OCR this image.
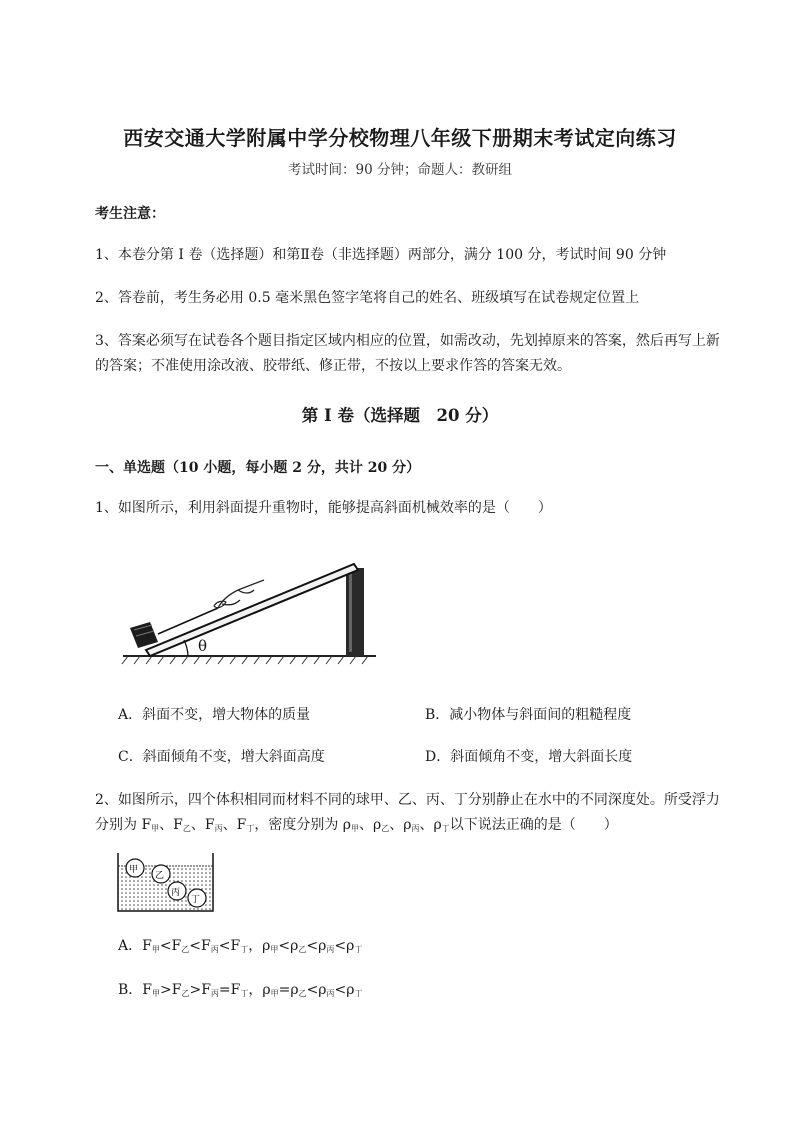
西安交通大学附属中学分校物理八年级下册期末考试定向练习
考试时间：90 分钟；命题人：教研组
考生注意：
1、本卷分第 I 卷（选择题）和第Ⅱ卷（非选择题）两部分，满分 100 分，考试时间 90 分钟
2、答卷前，考生务必用 0.5 毫米黑色签字笔将自己的姓名、班级填写在试卷规定位置上
3、答案必须写在试卷各个题目指定区域内相应的位置，如需改动，先划掉原来的答案，然后再写上新
的答案；不准使用涂改液、胶带纸、修正带，不按以上要求作答的答案无效。
第 I 卷（选择题　20 分）
一、单选题（10 小题，每小题 2 分，共计 20 分）
1、如图所示，利用斜面提升重物时，能够提高斜面机械效率的是（　　）
θ
A．斜面不变，增大物体的质量	B．减小物体与斜面间的粗糙程度
C．斜面倾角不变，增大斜面高度	D．斜面倾角不变，增大斜面长度
2、如图所示，四个体积相同而材料不同的球甲、乙、丙、丁分别静止在水中的不同深度处。所受浮力
分别为 $F_甲$、$F_乙$、$F_丙$、$F_丁$，密度分别为 $\rho_甲$、$\rho_乙$、$\rho_丙$、$\rho_丁$以下说法正确的是（　　）
甲
乙
丙
丁
A．$F_甲<F_乙<F_丙<F_丁$，$\rho_甲<\rho_乙<\rho_丙<\rho_丁$
B．$F_甲>F_乙>F_丙=F_丁$，$\rho_甲=\rho_乙<\rho_丙<\rho_丁$
